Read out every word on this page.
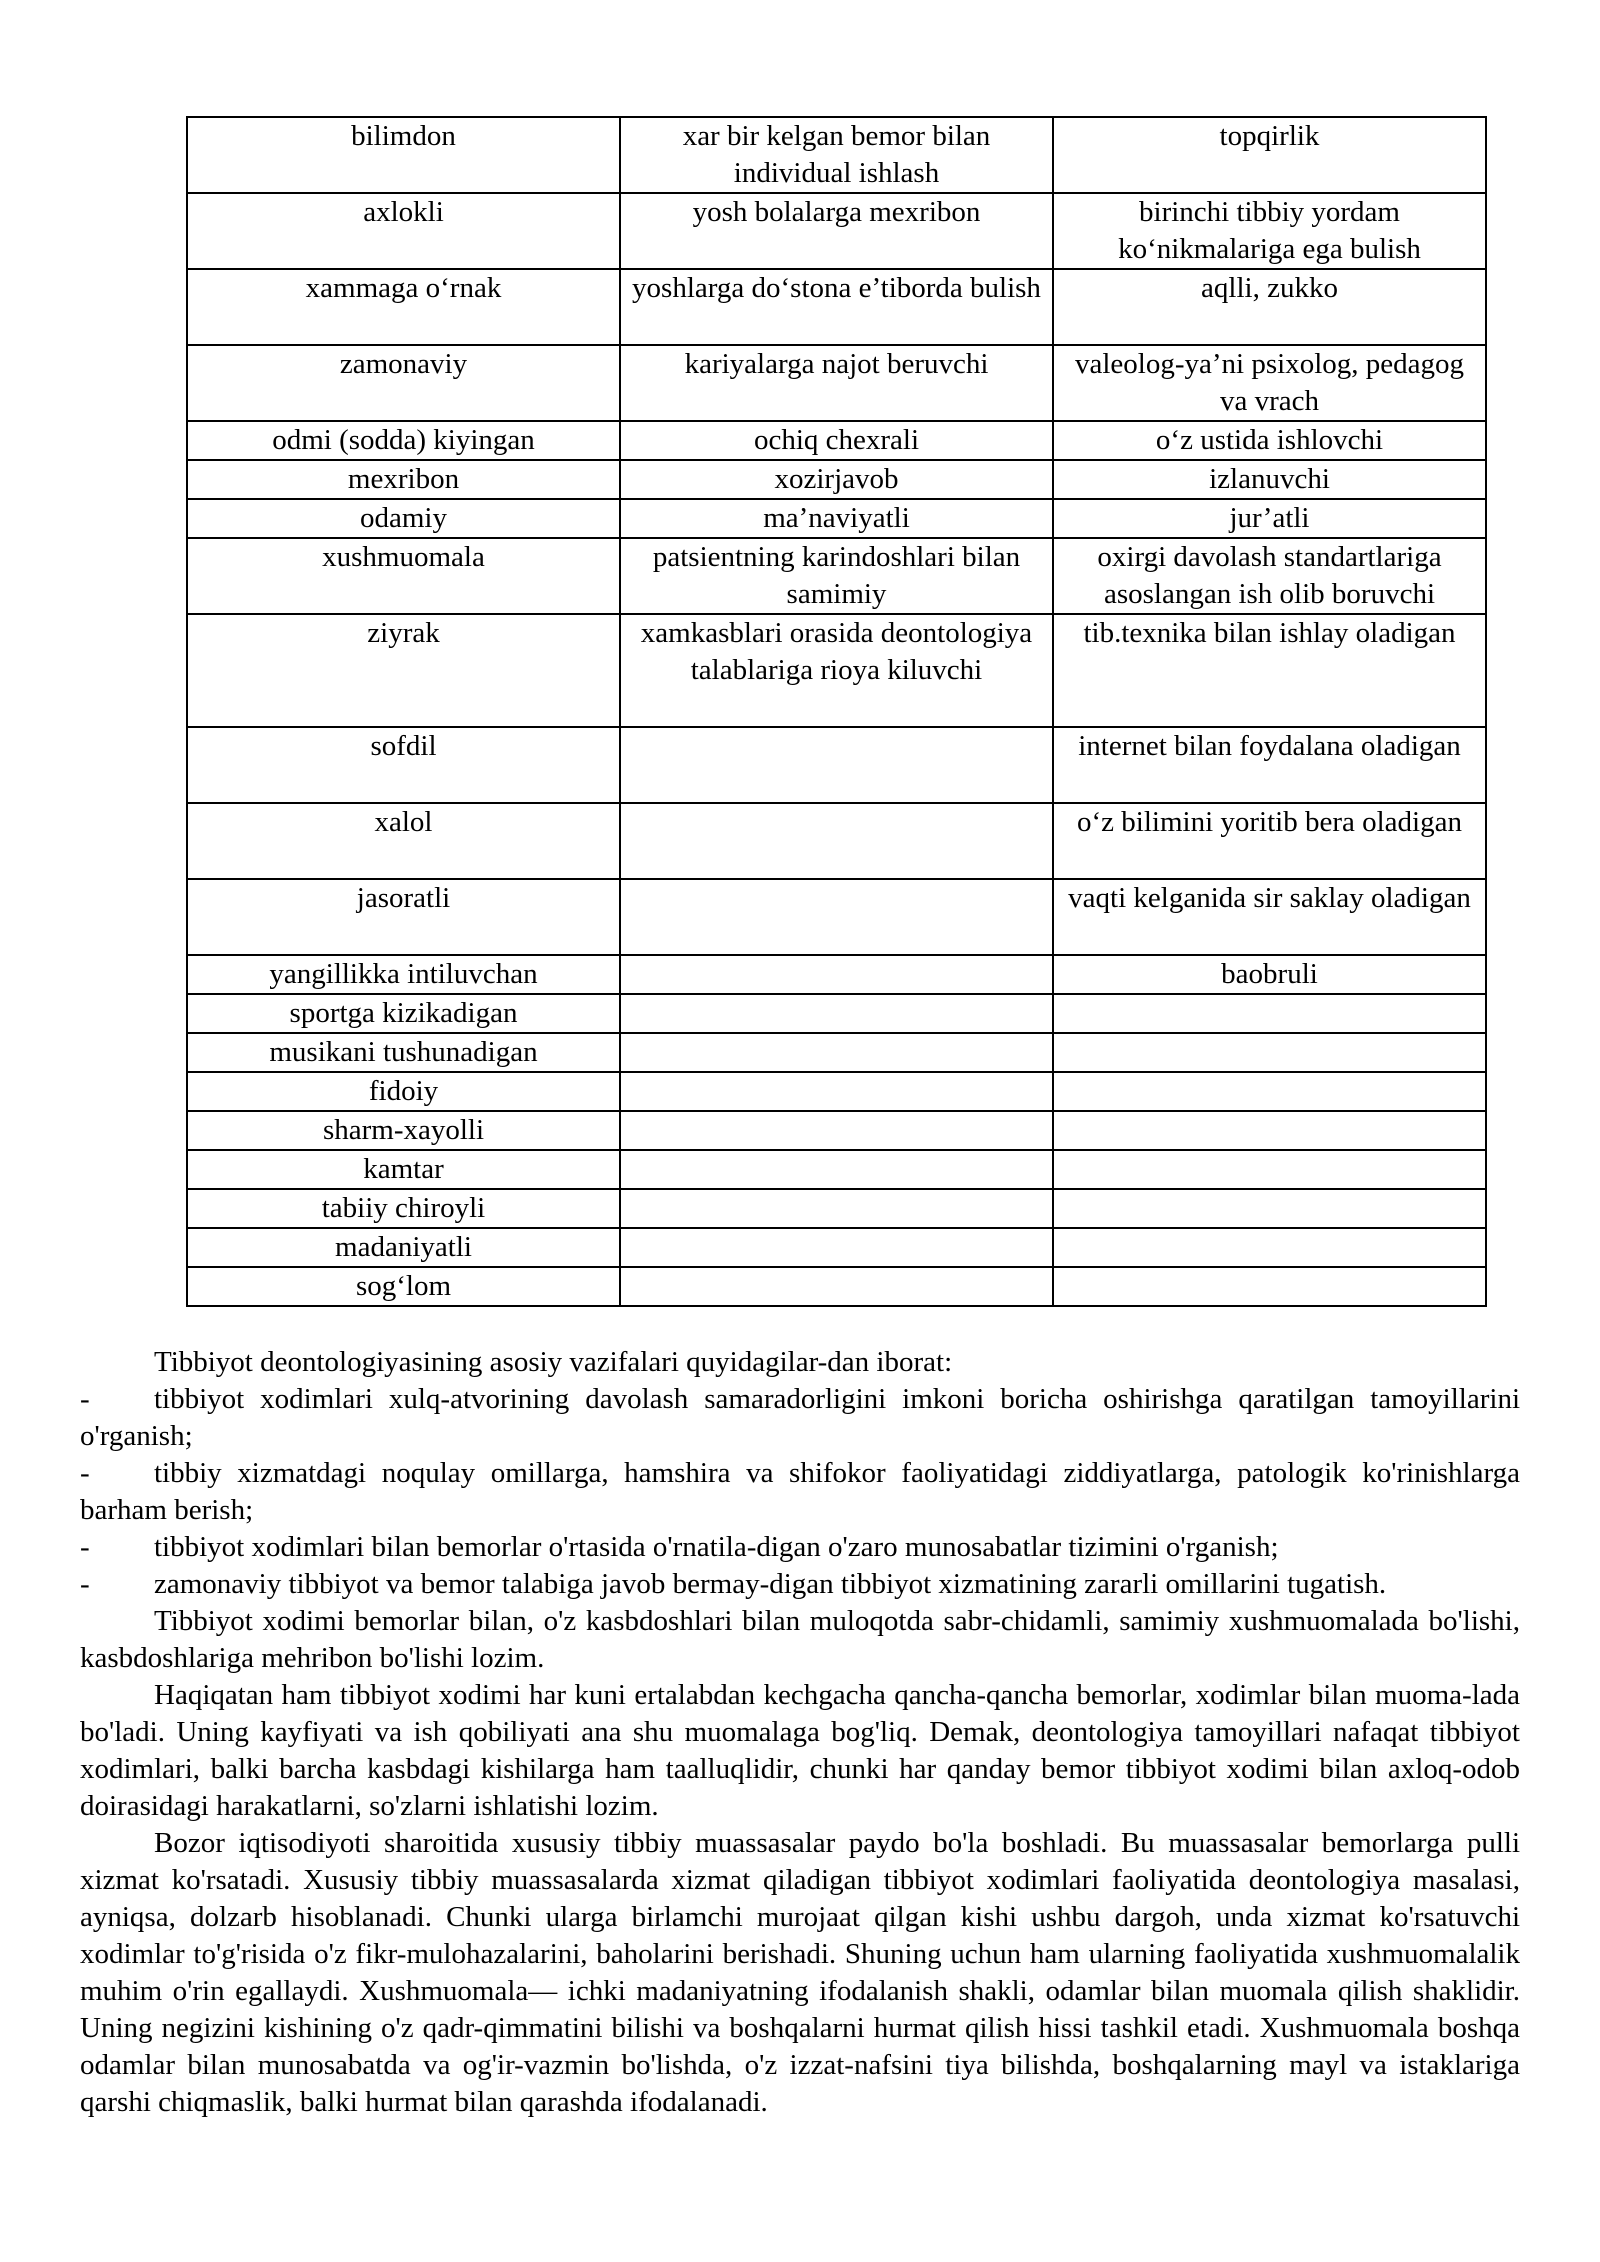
bilimdon	xar bir kelgan bemor bilan individual ishlash	topqirlik
axlokli	yosh bolalarga mexribon	birinchi tibbiy yordam ko‘nikmalariga ega bulish
xammaga o‘rnak	yoshlarga do‘stona e’tiborda bulish	aqlli, zukko
zamonaviy	kariyalarga najot beruvchi	valeolog-ya’ni psixolog, pedagog va vrach
odmi (sodda) kiyingan	ochiq chexrali	o‘z ustida ishlovchi
mexribon	xozirjavob	izlanuvchi
odamiy	ma’naviyatli	jur’atli
xushmuomala	patsientning karindoshlari bilan samimiy	oxirgi davolash standartlariga asoslangan ish olib boruvchi
ziyrak	xamkasblari orasida deontologiya talablariga rioya kiluvchi	tib.texnika bilan ishlay oladigan
sofdil		internet bilan foydalana oladigan
xalol		o‘z bilimini yoritib bera oladigan
jasoratli		vaqti kelganida sir saklay oladigan
yangillikka intiluvchan		baobruli
sportga kizikadigan		
musikani tushunadigan		
fidoiy		
sharm-xayolli		
kamtar		
tabiiy chiroyli		
madaniyatli		
sog‘lom		

Tibbiyot deontologiyasining asosiy vazifalari quyidagilar-dan iborat:

-	tibbiyot xodimlari xulq-atvorining davolash samaradorligini imkoni boricha oshirishga qaratilgan tamoyillarini o'rganish;
-	tibbiy xizmatdagi noqulay omillarga, hamshira va shifokor faoliyatidagi ziddiyatlarga, patologik ko'rinishlarga barham berish;
-	tibbiyot xodimlari bilan bemorlar o'rtasida o'rnatila-digan o'zaro munosabatlar tizimini o'rganish;
-	zamonaviy tibbiyot va bemor talabiga javob bermay-digan tibbiyot xizmatining zararli omillarini tugatish.

Tibbiyot xodimi bemorlar bilan, o'z kasbdoshlari bilan muloqotda sabr-chidamli, samimiy xushmuomalada bo'lishi, kasbdoshlariga mehribon bo'lishi lozim.

Haqiqatan ham tibbiyot xodimi har kuni ertalabdan kechgacha qancha-qancha bemorlar, xodimlar bilan muoma-lada bo'ladi. Uning kayfiyati va ish qobiliyati ana shu muomalaga bog'liq. Demak, deontologiya tamoyillari nafaqat tibbiyot xodimlari, balki barcha kasbdagi kishilarga ham taalluqlidir, chunki har qanday bemor tibbiyot xodimi bilan axloq-odob doirasidagi harakatlarni, so'zlarni ishlatishi lozim.

Bozor iqtisodiyoti sharoitida xususiy tibbiy muassasalar paydo bo'la boshladi. Bu muassasalar bemorlarga pulli xizmat ko'rsatadi. Xususiy tibbiy muassasalarda xizmat qiladigan tibbiyot xodimlari faoliyatida deontologiya masalasi, ayniqsa, dolzarb hisoblanadi. Chunki ularga birlamchi murojaat qilgan kishi ushbu dargoh, unda xizmat ko'rsatuvchi xodimlar to'g'risida o'z fikr-mulohazalarini, baholarini berishadi. Shuning uchun ham ularning faoliyatida xushmuomalalik muhim o'rin egallaydi. Xushmuomala— ichki madaniyatning ifodalanish shakli, odamlar bilan muomala qilish shaklidir. Uning negizini kishining o'z qadr-qimmatini bilishi va boshqalarni hurmat qilish hissi tashkil etadi. Xushmuomala boshqa odamlar bilan munosabatda va og'ir-vazmin bo'lishda, o'z izzat-nafsini tiya bilishda, boshqalarning mayl va istaklariga qarshi chiqmaslik, balki hurmat bilan qarashda ifodalanadi.
